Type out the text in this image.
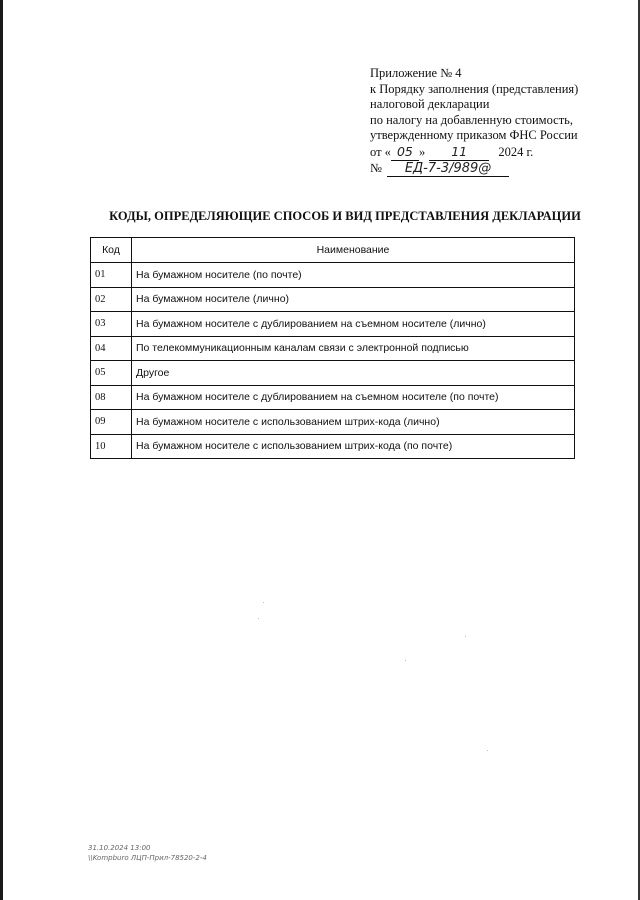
Приложение № 4
к Порядку заполнения (представления)
налоговой декларации
по налогу на добавленную стоимость,
утвержденному приказом ФНС России
от « 05 » 11 2024 г.
№ ЕД-7-3/989@
КОДЫ, ОПРЕДЕЛЯЮЩИЕ СПОСОБ И ВИД ПРЕДСТАВЛЕНИЯ ДЕКЛАРАЦИИ
Код	Наименование
01	На бумажном носителе (по почте)
02	На бумажном носителе (лично)
03	На бумажном носителе с дублированием на съемном носителе (лично)
04	По телекоммуникационным каналам связи с электронной подписью
05	Другое
08	На бумажном носителе с дублированием на съемном носителе (по почте)
09	На бумажном носителе с использованием штрих-кода (лично)
10	На бумажном носителе с использованием штрих-кода (по почте)
31.10.2024 13:00
\\Kompburo ЛЦП-Прил-78520-2-4
